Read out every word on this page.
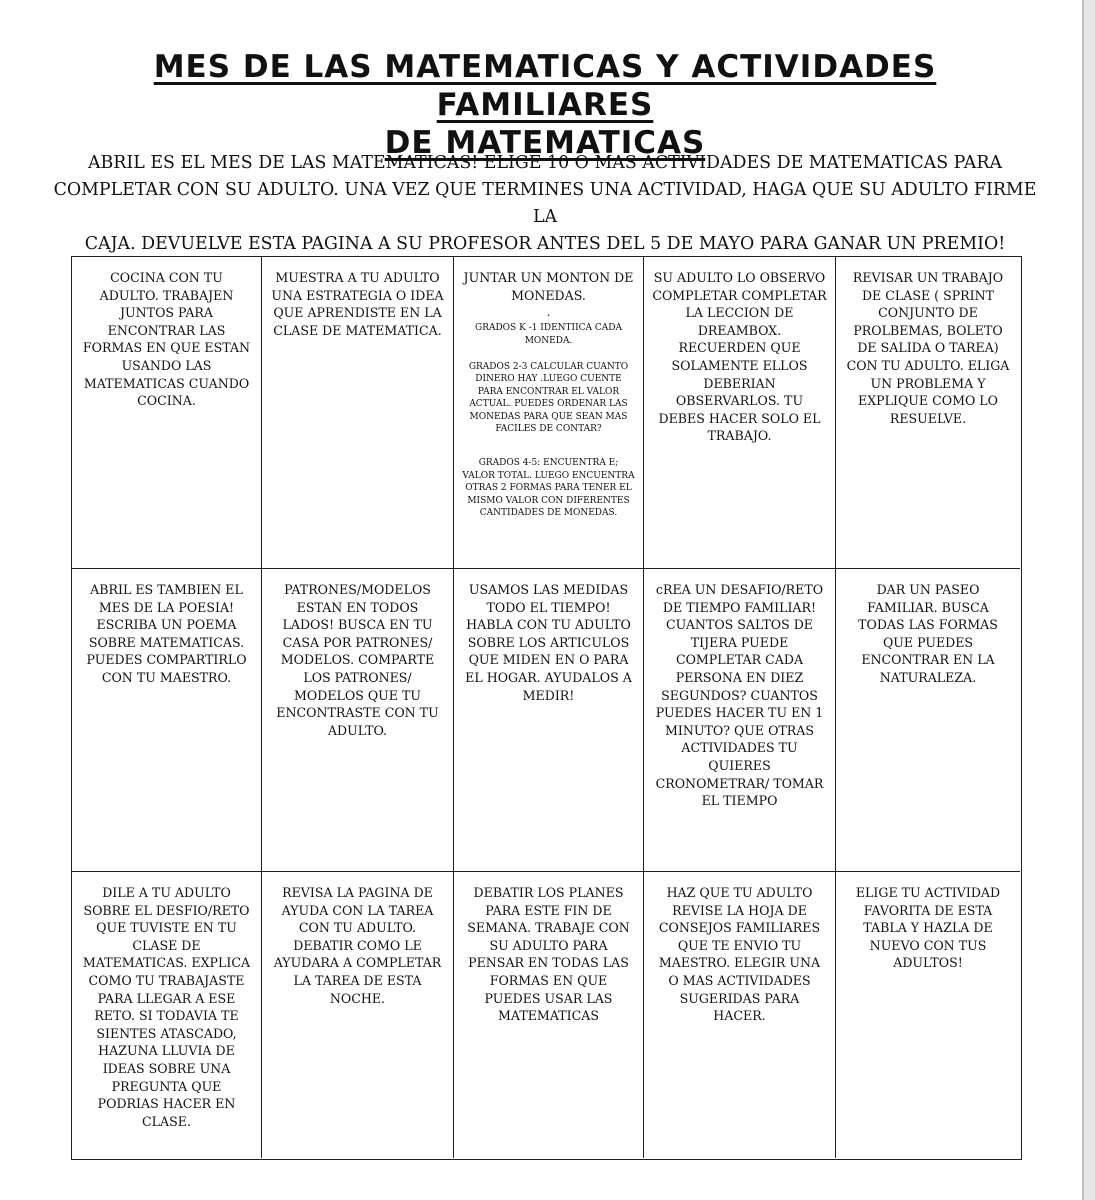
MES DE LAS MATEMATICAS Y ACTIVIDADES FAMILIARES
DE MATEMATICAS

ABRIL ES EL MES DE LAS MATEMATICAS! ELIGE 10 O MAS ACTIVIDADES DE MATEMATICAS PARA
COMPLETAR CON SU ADULTO. UNA VEZ QUE TERMINES UNA ACTIVIDAD, HAGA QUE SU ADULTO FIRME LA
CAJA. DEVUELVE ESTA PAGINA A SU PROFESOR ANTES DEL 5 DE MAYO PARA GANAR UN PREMIO!

COCINA CON TU ADULTO. TRABAJEN JUNTOS PARA ENCONTRAR LAS FORMAS EN QUE ESTAN USANDO LAS MATEMATICAS CUANDO COCINA.
MUESTRA A TU ADULTO UNA ESTRATEGIA O IDEA QUE APRENDISTE EN LA CLASE DE MATEMATICA.
JUNTAR UN MONTON DE MONEDAS.
.
GRADOS K -1 IDENTIICA CADA MONEDA.
GRADOS 2-3 CALCULAR CUANTO DINERO HAY .LUEGO CUENTE PARA ENCONTRAR EL VALOR ACTUAL. PUEDES ORDENAR LAS MONEDAS PARA QUE SEAN MAS FACILES DE CONTAR?
GRADOS 4-5: ENCUENTRA E; VALOR TOTAL. LUEGO ENCUENTRA OTRAS 2 FORMAS PARA TENER EL MISMO VALOR CON DIFERENTES CANTIDADES DE MONEDAS.
SU ADULTO LO OBSERVO COMPLETAR COMPLETAR LA LECCION DE DREAMBOX. RECUERDEN QUE SOLAMENTE ELLOS DEBERIAN OBSERVARLOS. TU DEBES HACER SOLO EL TRABAJO.
REVISAR UN TRABAJO DE CLASE ( SPRINT CONJUNTO DE PROLBEMAS, BOLETO DE SALIDA O TAREA) CON TU ADULTO. ELIGA UN PROBLEMA Y EXPLIQUE COMO LO RESUELVE.
ABRIL ES TAMBIEN EL MES DE LA POESIA! ESCRIBA UN POEMA SOBRE MATEMATICAS. PUEDES COMPARTIRLO CON TU MAESTRO.
PATRONES/MODELOS ESTAN EN TODOS LADOS! BUSCA EN TU CASA POR PATRONES/ MODELOS. COMPARTE LOS PATRONES/ MODELOS QUE TU ENCONTRASTE CON TU ADULTO.
USAMOS LAS MEDIDAS TODO EL TIEMPO! HABLA CON TU ADULTO SOBRE LOS ARTICULOS QUE MIDEN EN O PARA EL HOGAR. AYUDALOS A MEDIR!
cREA UN DESAFIO/RETO DE TIEMPO FAMILIAR! CUANTOS SALTOS DE TIJERA PUEDE COMPLETAR CADA PERSONA EN DIEZ SEGUNDOS? CUANTOS PUEDES HACER TU EN 1 MINUTO? QUE OTRAS ACTIVIDADES TU QUIERES CRONOMETRAR/ TOMAR EL TIEMPO
DAR UN PASEO FAMILIAR. BUSCA TODAS LAS FORMAS QUE PUEDES ENCONTRAR EN LA NATURALEZA.
DILE A TU ADULTO SOBRE EL DESFIO/RETO QUE TUVISTE EN TU CLASE DE MATEMATICAS. EXPLICA COMO TU TRABAJASTE PARA LLEGAR A ESE RETO. SI TODAVIA TE SIENTES ATASCADO, HAZUNA LLUVIA DE IDEAS SOBRE UNA PREGUNTA QUE PODRIAS HACER EN CLASE.
REVISA LA PAGINA DE AYUDA CON LA TAREA CON TU ADULTO. DEBATIR COMO LE AYUDARA A COMPLETAR LA TAREA DE ESTA NOCHE.
DEBATIR LOS PLANES PARA ESTE FIN DE SEMANA. TRABAJE CON SU ADULTO PARA PENSAR EN TODAS LAS FORMAS EN QUE PUEDES USAR LAS MATEMATICAS
HAZ QUE TU ADULTO REVISE LA HOJA DE CONSEJOS FAMILIARES QUE TE ENVIO TU MAESTRO. ELEGIR UNA O MAS ACTIVIDADES SUGERIDAS PARA HACER.
ELIGE TU ACTIVIDAD FAVORITA DE ESTA TABLA Y HAZLA DE NUEVO CON TUS ADULTOS!
